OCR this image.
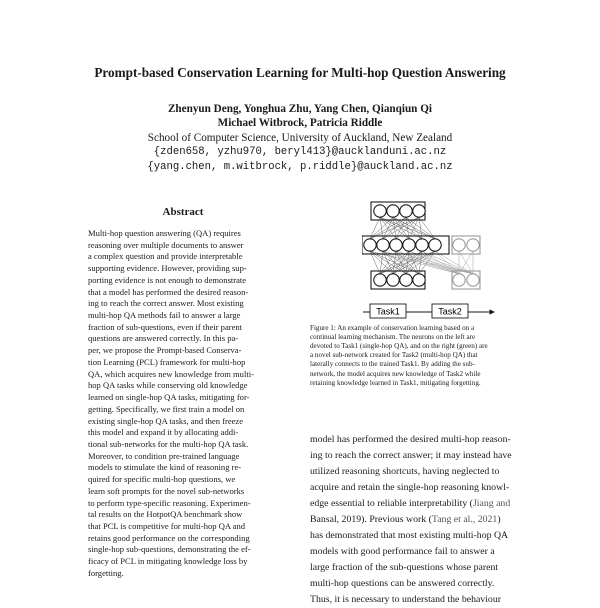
Prompt-based Conservation Learning for Multi-hop Question Answering
Zhenyun Deng, Yonghua Zhu, Yang Chen, Qianqiun Qi
Michael Witbrock, Patricia Riddle
School of Computer Science, University of Auckland, New Zealand
{zden658, yzhu970, beryl413}@aucklanduni.ac.nz
{yang.chen, m.witbrock, p.riddle}@auckland.ac.nz
Abstract
Multi-hop question answering (QA) requires
reasoning over multiple documents to answer
a complex question and provide interpretable
supporting evidence. However, providing sup-
porting evidence is not enough to demonstrate
that a model has performed the desired reason-
ing to reach the correct answer. Most existing
multi-hop QA methods fail to answer a large
fraction of sub-questions, even if their parent
questions are answered correctly. In this pa-
per, we propose the Prompt-based Conserva-
tion Learning (PCL) framework for multi-hop
QA, which acquires new knowledge from multi-
hop QA tasks while conserving old knowledge
learned on single-hop QA tasks, mitigating for-
getting. Specifically, we first train a model on
existing single-hop QA tasks, and then freeze
this model and expand it by allocating addi-
tional sub-networks for the multi-hop QA task.
Moreover, to condition pre-trained language
models to stimulate the kind of reasoning re-
quired for specific multi-hop questions, we
learn soft prompts for the novel sub-networks
to perform type-specific reasoning. Experimen-
tal results on the HotpotQA benchmark show
that PCL is competitive for multi-hop QA and
retains good performance on the corresponding
single-hop sub-questions, demonstrating the ef-
ficacy of PCL in mitigating knowledge loss by
forgetting.
Task1	Task2
Figure 1: An example of conservation learning based on a
continual learning mechanism. The neurons on the left are
devoted to Task1 (single-hop QA), and on the right (green) are
a novel sub-network created for Task2 (multi-hop QA) that
laterally connects to the trained Task1. By adding the sub-
network, the model acquires new knowledge of Task2 while
retaining knowledge learned in Task1, mitigating forgetting.
model has performed the desired multi-hop reason-
ing to reach the correct answer; it may instead have
utilized reasoning shortcuts, having neglected to
acquire and retain the single-hop reasoning knowl-
edge essential to reliable interpretability (Jiang and
Bansal, 2019). Previous work (Tang et al., 2021)
has demonstrated that most existing multi-hop QA
models with good performance fail to answer a
large fraction of the sub-questions whose parent
multi-hop questions can be answered correctly.
Thus, it is necessary to understand the behaviour
